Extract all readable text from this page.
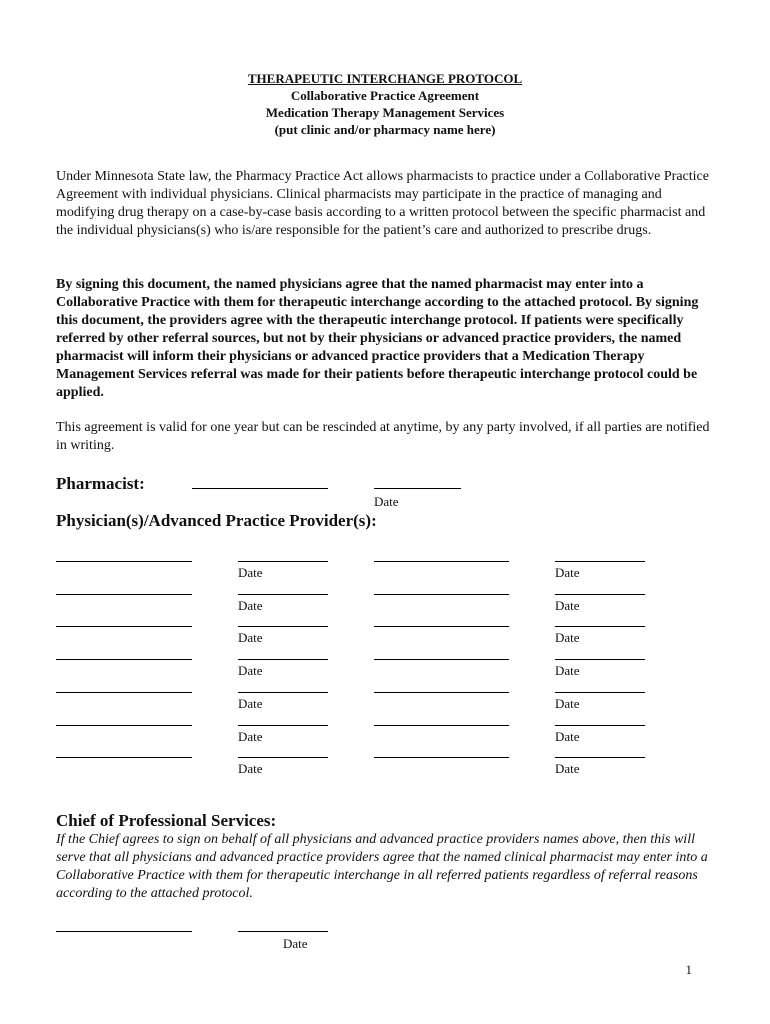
THERAPEUTIC INTERCHANGE PROTOCOL
Collaborative Practice Agreement
Medication Therapy Management Services
(put clinic and/or pharmacy name here)
Under Minnesota State law, the Pharmacy Practice Act allows pharmacists to practice under a Collaborative Practice Agreement with individual physicians. Clinical pharmacists may participate in the practice of managing and modifying drug therapy on a case-by-case basis according to a written protocol between the specific pharmacist and the individual physicians(s) who is/are responsible for the patient’s care and authorized to prescribe drugs.
By signing this document, the named physicians agree that the named pharmacist may enter into a Collaborative Practice with them for therapeutic interchange according to the attached protocol. By signing this document, the providers agree with the therapeutic interchange protocol. If patients were specifically referred by other referral sources, but not by their physicians or advanced practice providers, the named pharmacist will inform their physicians or advanced practice providers that a Medication Therapy Management Services referral was made for their patients before therapeutic interchange protocol could be applied.
This agreement is valid for one year but can be rescinded at anytime, by any party involved, if all parties are notified in writing.
Pharmacist:
Date
Physician(s)/Advanced Practice Provider(s):
Date	Date
Date	Date
Date	Date
Date	Date
Date	Date
Date	Date
Date	Date
Chief of Professional Services:
If the Chief agrees to sign on behalf of all physicians and advanced practice providers names above, then this will serve that all physicians and advanced practice providers agree that the named clinical pharmacist may enter into a Collaborative Practice with them for therapeutic interchange in all referred patients regardless of referral reasons according to the attached protocol.
Date
1
